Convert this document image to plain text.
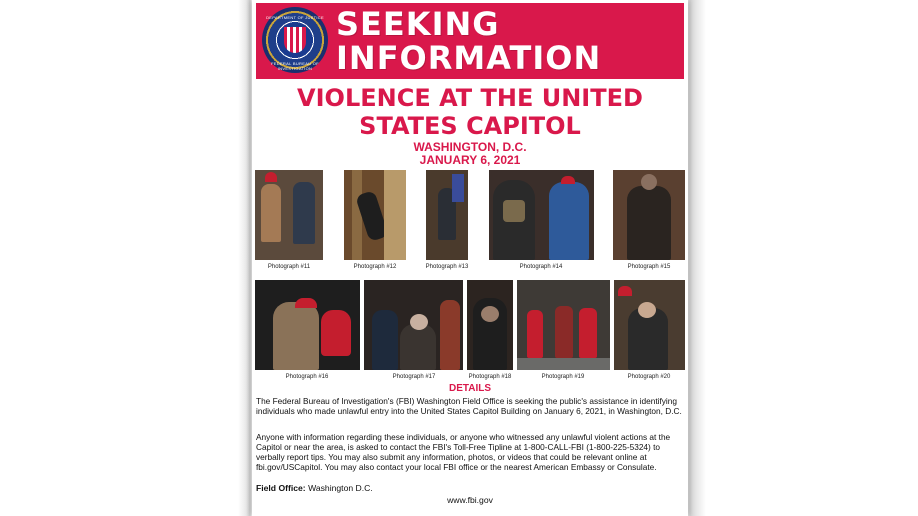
DEPARTMENT OF JUSTICE
FEDERAL BUREAU OF INVESTIGATION
SEEKING
INFORMATION
VIOLENCE AT THE UNITED
STATES CAPITOL
WASHINGTON, D.C.
JANUARY 6, 2021
Photograph #11	Photograph #12	Photograph #13	Photograph #14	Photograph #15
Photograph #16	Photograph #17	Photograph #18	Photograph #19	Photograph #20
DETAILS
The Federal Bureau of Investigation's (FBI) Washington Field Office is seeking the public's assistance in identifying individuals who made unlawful entry into the United States Capitol Building on January 6, 2021, in Washington, D.C.
Anyone with information regarding these individuals, or anyone who witnessed any unlawful violent actions at the Capitol or near the area, is asked to contact the FBI's Toll-Free Tipline at 1-800-CALL-FBI (1-800-225-5324) to verbally report tips. You may also submit any information, photos, or videos that could be relevant online at fbi.gov/USCapitol. You may also contact your local FBI office or the nearest American Embassy or Consulate.
Field Office: Washington D.C.
www.fbi.gov
